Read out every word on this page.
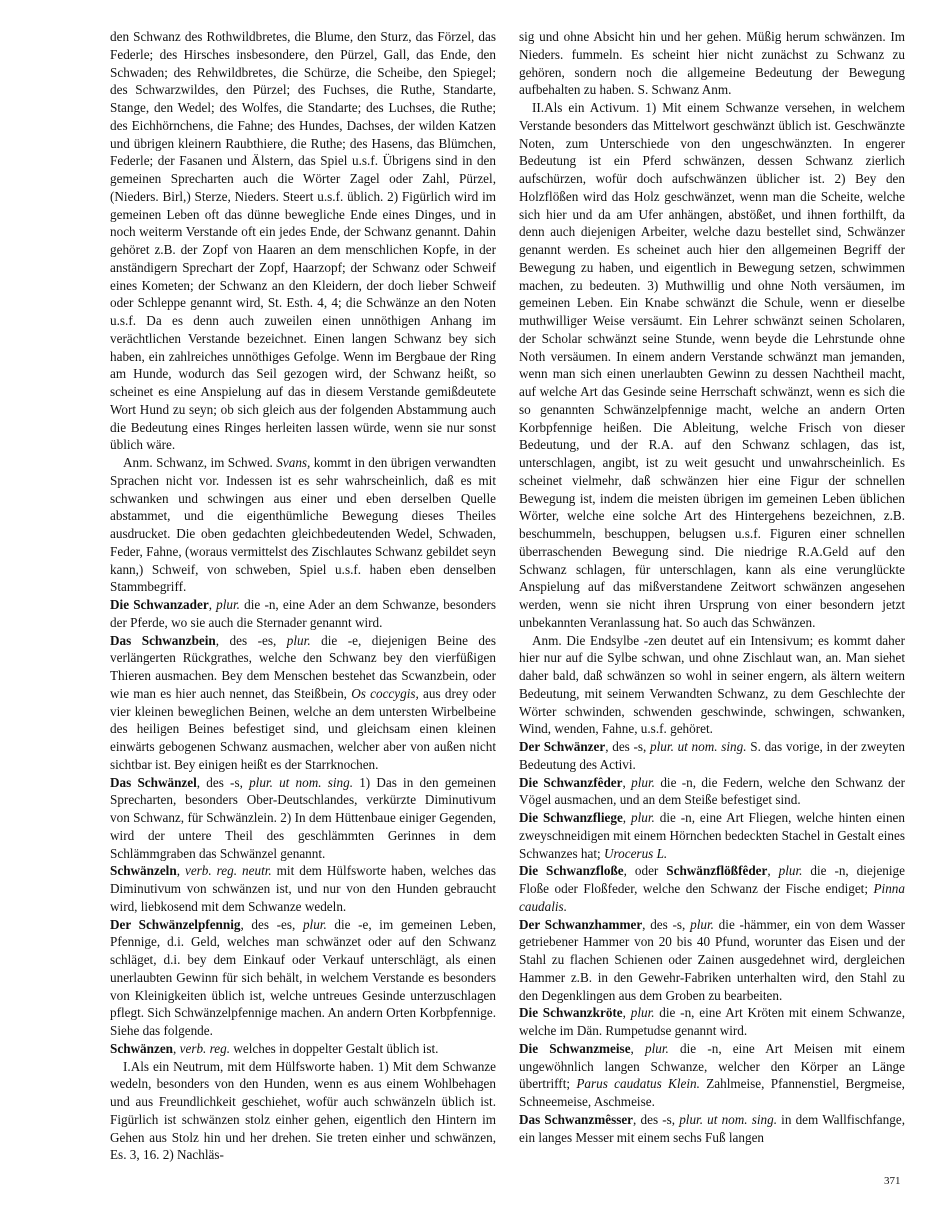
den Schwanz des Rothwildbretes, die Blume, den Sturz, das Förzel, das Federle; des Hirsches insbesondere, den Pürzel, Gall, das Ende, den Schwaden; des Rehwildbretes, die Schürze, die Scheibe, den Spiegel; des Schwarzwildes, den Pürzel; des Fuchses, die Ruthe, Standarte, Stange, den Wedel; des Wolfes, die Standarte; des Luchses, die Ruthe; des Eichhörnchens, die Fahne; des Hundes, Dachses, der wilden Katzen und übrigen kleinern Raubthiere, die Ruthe; des Hasens, das Blümchen, Federle; der Fasanen und Älstern, das Spiel u.s.f. Übrigens sind in den gemeinen Sprecharten auch die Wörter Zagel oder Zahl, Pürzel, (Nieders. Birl,) Sterze, Nieders. Steert u.s.f. üblich. 2) Figürlich wird im gemeinen Leben oft das dünne bewegliche Ende eines Dinges, und in noch weiterm Verstande oft ein jedes Ende, der Schwanz genannt. Dahin gehöret z.B. der Zopf von Haaren an dem menschlichen Kopfe, in der anständigern Sprechart der Zopf, Haarzopf; der Schwanz oder Schweif eines Kometen; der Schwanz an den Kleidern, der doch lieber Schweif oder Schleppe genannt wird, St. Esth. 4, 4; die Schwänze an den Noten u.s.f. Da es denn auch zuweilen einen unnöthigen Anhang im verächtlichen Verstande bezeichnet. Einen langen Schwanz bey sich haben, ein zahlreiches unnöthiges Gefolge. Wenn im Bergbaue der Ring am Hunde, wodurch das Seil gezogen wird, der Schwanz heißt, so scheinet es eine Anspielung auf das in diesem Verstande gemißdeutete Wort Hund zu seyn; ob sich gleich aus der folgenden Abstammung auch die Bedeutung eines Ringes herleiten lassen würde, wenn sie nur sonst üblich wäre.

Anm. Schwanz, im Schwed. Svans, kommt in den übrigen verwandten Sprachen nicht vor. Indessen ist es sehr wahrscheinlich, daß es mit schwanken und schwingen aus einer und eben derselben Quelle abstammet, und die eigenthümliche Bewegung dieses Theiles ausdrucket. Die oben gedachten gleichbedeutenden Wedel, Schwaden, Feder, Fahne, (woraus vermittelst des Zischlautes Schwanz gebildet seyn kann,) Schweif, von schweben, Spiel u.s.f. haben eben denselben Stammbegriff.

Die Schwanzader, plur. die -n, eine Ader an dem Schwanze, besonders der Pferde, wo sie auch die Sternader genannt wird.

Das Schwanzbein, des -es, plur. die -e, diejenigen Beine des verlängerten Rückgrathes, welche den Schwanz bey den vierfüßigen Thieren ausmachen. Bey dem Menschen bestehet das Scwanzbein, oder wie man es hier auch nennet, das Steißbein, Os coccygis, aus drey oder vier kleinen beweglichen Beinen, welche an dem untersten Wirbelbeine des heiligen Beines befestiget sind, und gleichsam einen kleinen einwärts gebogenen Schwanz ausmachen, welcher aber von außen nicht sichtbar ist. Bey einigen heißt es der Starrknochen.

Das Schwänzel, des -s, plur. ut nom. sing. 1) Das in den gemeinen Sprecharten, besonders Ober-Deutschlandes, verkürzte Diminutivum von Schwanz, für Schwänzlein. 2) In dem Hüttenbaue einiger Gegenden, wird der untere Theil des geschlämmten Gerinnes in dem Schlämmgraben das Schwänzel genannt.

Schwänzeln, verb. reg. neutr. mit dem Hülfsworte haben, welches das Diminutivum von schwänzen ist, und nur von den Hunden gebraucht wird, liebkosend mit dem Schwanze wedeln.

Der Schwänzelpfennig, des -es, plur. die -e, im gemeinen Leben, Pfennige, d.i. Geld, welches man schwänzet oder auf den Schwanz schläget, d.i. bey dem Einkauf oder Verkauf unterschlägt, als einen unerlaubten Gewinn für sich behält, in welchem Verstande es besonders von Kleinigkeiten üblich ist, welche untreues Gesinde unterzuschlagen pflegt. Sich Schwänzelpfennige machen. An andern Orten Korbpfennige. Siehe das folgende.

Schwänzen, verb. reg. welches in doppelter Gestalt üblich ist.

I.Als ein Neutrum, mit dem Hülfsworte haben. 1) Mit dem Schwanze wedeln, besonders von den Hunden, wenn es aus einem Wohlbehagen und aus Freundlichkeit geschiehet, wofür auch schwänzeln üblich ist. Figürlich ist schwänzen stolz einher gehen, eigentlich den Hintern im Gehen aus Stolz hin und her drehen. Sie treten einher und schwänzen, Es. 3, 16. 2) Nachläs-

sig und ohne Absicht hin und her gehen. Müßig herum schwänzen. Im Nieders. fummeln. Es scheint hier nicht zunächst zu Schwanz zu gehören, sondern noch die allgemeine Bedeutung der Bewegung aufbehalten zu haben. S. Schwanz Anm.

II.Als ein Activum. 1) Mit einem Schwanze versehen, in welchem Verstande besonders das Mittelwort geschwänzt üblich ist. Geschwänzte Noten, zum Unterschiede von den ungeschwänzten. In engerer Bedeutung ist ein Pferd schwänzen, dessen Schwanz zierlich aufschürzen, wofür doch aufschwänzen üblicher ist. 2) Bey den Holzflößen wird das Holz geschwänzet, wenn man die Scheite, welche sich hier und da am Ufer anhängen, abstößet, und ihnen forthilft, da denn auch diejenigen Arbeiter, welche dazu bestellet sind, Schwänzer genannt werden. Es scheinet auch hier den allgemeinen Begriff der Bewegung zu haben, und eigentlich in Bewegung setzen, schwimmen machen, zu bedeuten. 3) Muthwillig und ohne Noth versäumen, im gemeinen Leben. Ein Knabe schwänzt die Schule, wenn er dieselbe muthwilliger Weise versäumt. Ein Lehrer schwänzt seinen Scholaren, der Scholar schwänzt seine Stunde, wenn beyde die Lehrstunde ohne Noth versäumen. In einem andern Verstande schwänzt man jemanden, wenn man sich einen unerlaubten Gewinn zu dessen Nachtheil macht, auf welche Art das Gesinde seine Herrschaft schwänzt, wenn es sich die so genannten Schwänzelpfennige macht, welche an andern Orten Korbpfennige heißen. Die Ableitung, welche Frisch von dieser Bedeutung, und der R.A. auf den Schwanz schlagen, das ist, unterschlagen, angibt, ist zu weit gesucht und unwahrscheinlich. Es scheinet vielmehr, daß schwänzen hier eine Figur der schnellen Bewegung ist, indem die meisten übrigen im gemeinen Leben üblichen Wörter, welche eine solche Art des Hintergehens bezeichnen, z.B. beschummeln, beschuppen, belugsen u.s.f. Figuren einer schnellen überraschenden Bewegung sind. Die niedrige R.A.Geld auf den Schwanz schlagen, für unterschlagen, kann als eine verunglückte Anspielung auf das mißverstandene Zeitwort schwänzen angesehen werden, wenn sie nicht ihren Ursprung von einer besondern jetzt unbekannten Veranlassung hat. So auch das Schwänzen.

Anm. Die Endsylbe -zen deutet auf ein Intensivum; es kommt daher hier nur auf die Sylbe schwan, und ohne Zischlaut wan, an. Man siehet daher bald, daß schwänzen so wohl in seiner engern, als ältern weitern Bedeutung, mit seinem Verwandten Schwanz, zu dem Geschlechte der Wörter schwinden, schwenden geschwinde, schwingen, schwanken, Wind, wenden, Fahne, u.s.f. gehöret.

Der Schwänzer, des -s, plur. ut nom. sing. S. das vorige, in der zweyten Bedeutung des Activi.

Die Schwanzfêder, plur. die -n, die Federn, welche den Schwanz der Vögel ausmachen, und an dem Steiße befestiget sind.

Die Schwanzfliege, plur. die -n, eine Art Fliegen, welche hinten einen zweyschneidigen mit einem Hörnchen bedeckten Stachel in Gestalt eines Schwanzes hat; Urocerus L.

Die Schwanzfloße, oder Schwänzflößfêder, plur. die -n, diejenige Floße oder Floßfeder, welche den Schwanz der Fische endiget; Pinna caudalis.

Der Schwanzhammer, des -s, plur. die -hämmer, ein von dem Wasser getriebener Hammer von 20 bis 40 Pfund, worunter das Eisen und der Stahl zu flachen Schienen oder Zainen ausgedehnet wird, dergleichen Hammer z.B. in den Gewehr-Fabriken unterhalten wird, den Stahl zu den Degenklingen aus dem Groben zu bearbeiten.

Die Schwanzkröte, plur. die -n, eine Art Kröten mit einem Schwanze, welche im Dän. Rumpetudse genannt wird.

Die Schwanzmeise, plur. die -n, eine Art Meisen mit einem ungewöhnlich langen Schwanze, welcher den Körper an Länge übertrifft; Parus caudatus Klein. Zahlmeise, Pfannenstiel, Bergmeise, Schneemeise, Aschmeise.

Das Schwanzmêsser, des -s, plur. ut nom. sing. in dem Wallfischfange, ein langes Messer mit einem sechs Fuß langen

371
